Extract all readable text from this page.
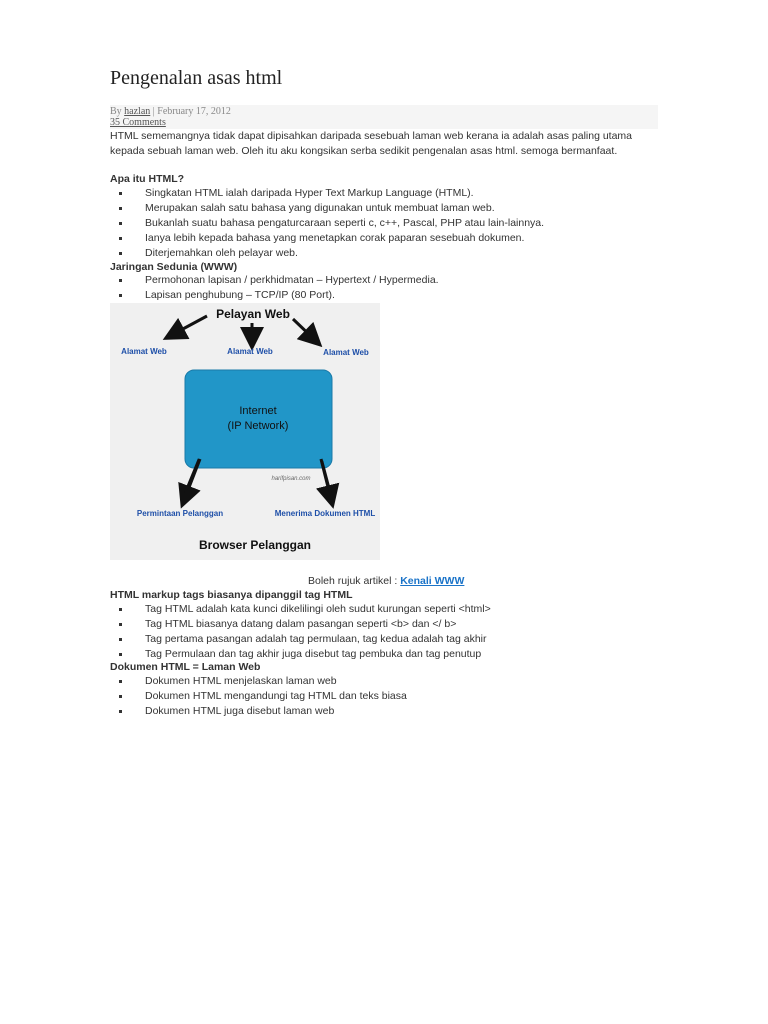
Pengenalan asas html
By hazlan | February 17, 2012
35 Comments

HTML sememangnya tidak dapat dipisahkan daripada sesebuah laman web kerana ia adalah asas paling utama kepada sebuah laman web. Oleh itu aku kongsikan serba sedikit pengenalan asas html. semoga bermanfaat.

Apa itu HTML?
Singkatan HTML ialah daripada Hyper Text Markup Language (HTML).
Merupakan salah satu bahasa yang digunakan untuk membuat laman web.
Bukanlah suatu bahasa pengaturcaraan seperti c, c++, Pascal, PHP atau lain-lainnya.
Ianya lebih kepada bahasa yang menetapkan corak paparan sesebuah dokumen.
Diterjemahkan oleh pelayar web.
Jaringan Sedunia (WWW)
Permohonan lapisan / perkhidmatan – Hypertext / Hypermedia.
Lapisan penghubung – TCP/IP (80 Port).
Pelayan Web
Alamat Web	Alamat Web	Alamat Web
Internet
(IP Network)
harifpisan.com
Permintaan Pelanggan	Menerima Dokumen HTML
Browser Pelanggan
Boleh rujuk artikel : Kenali WWW
HTML markup tags biasanya dipanggil tag HTML
Tag HTML adalah kata kunci dikelilingi oleh sudut kurungan seperti <html>
Tag HTML biasanya datang dalam pasangan seperti <b> dan </ b>
Tag pertama pasangan adalah tag permulaan, tag kedua adalah tag akhir
Tag Permulaan dan tag akhir juga disebut tag pembuka dan tag penutup
Dokumen HTML = Laman Web
Dokumen HTML menjelaskan laman web
Dokumen HTML mengandungi tag HTML dan teks biasa
Dokumen HTML juga disebut laman web
